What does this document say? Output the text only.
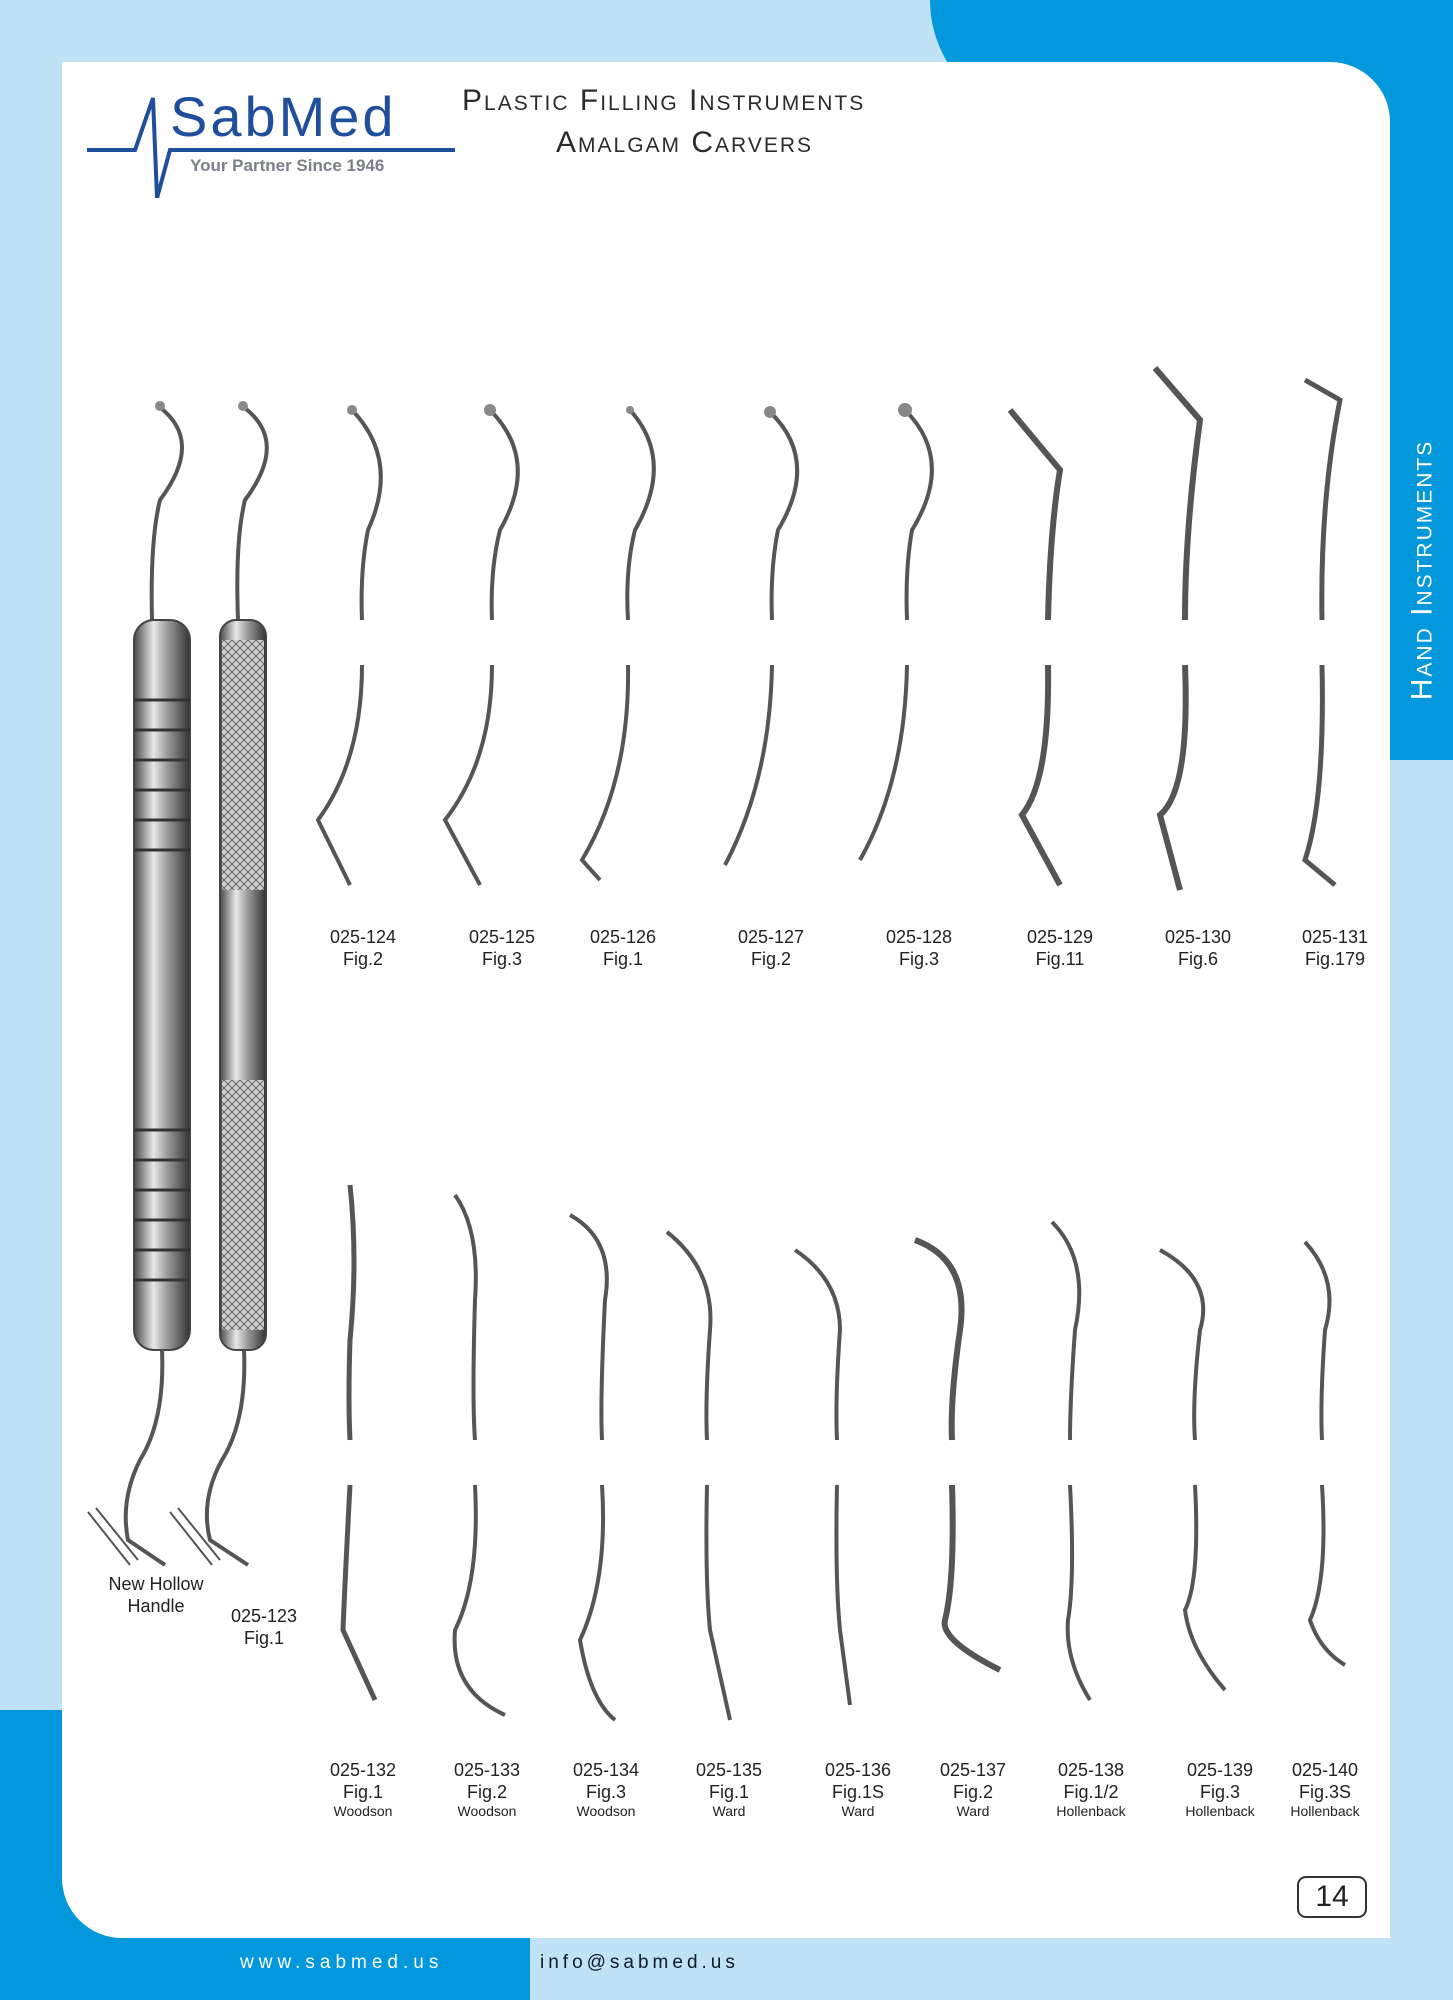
SabMed
Your Partner Since 1946
Plastic Filling Instruments
Amalgam Carvers
Hand Instruments
New Hollow Handle	025-123
Fig.1
025-124
Fig.2
025-125
Fig.3
025-126
Fig.1
025-127
Fig.2
025-128
Fig.3
025-129
Fig.11
025-130
Fig.6
025-131
Fig.179
025-132
Fig.1
Woodson
025-133
Fig.2
Woodson
025-134
Fig.3
Woodson
025-135
Fig.1
Ward
025-136
Fig.1S
Ward
025-137
Fig.2
Ward
025-138
Fig.1/2
Hollenback
025-139
Fig.3
Hollenback
025-140
Fig.3S
Hollenback
14
www.sabmed.us	info@sabmed.us
